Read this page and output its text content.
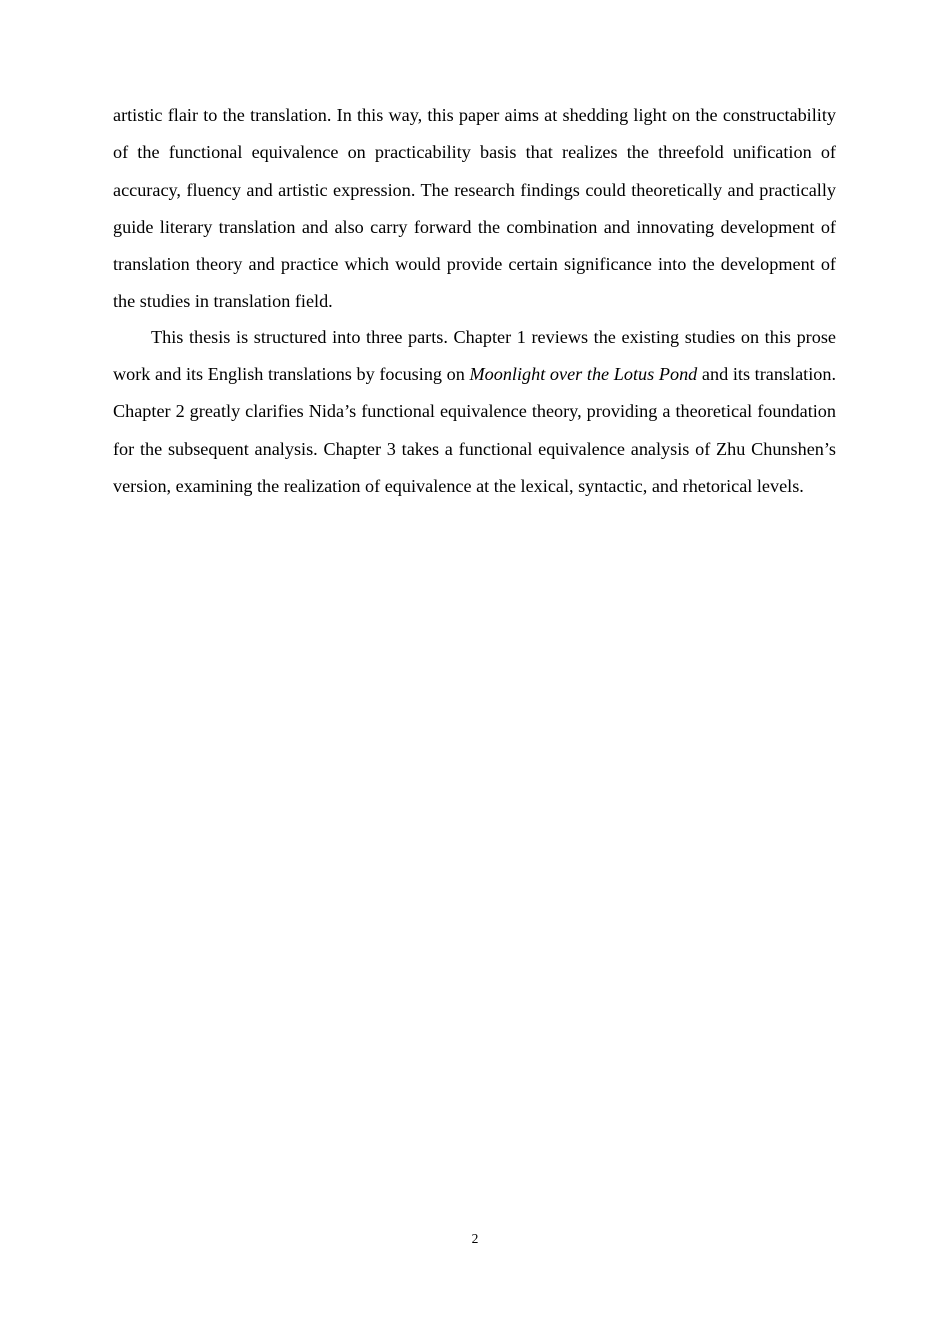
artistic flair to the translation. In this way, this paper aims at shedding light on the constructability of the functional equivalence on practicability basis that realizes the threefold unification of accuracy, fluency and artistic expression. The research findings could theoretically and practically guide literary translation and also carry forward the combination and innovating development of translation theory and practice which would provide certain significance into the development of the studies in translation field.

This thesis is structured into three parts. Chapter 1 reviews the existing studies on this prose work and its English translations by focusing on Moonlight over the Lotus Pond and its translation. Chapter 2 greatly clarifies Nida’s functional equivalence theory, providing a theoretical foundation for the subsequent analysis. Chapter 3 takes a functional equivalence analysis of Zhu Chunshen’s version, examining the realization of equivalence at the lexical, syntactic, and rhetorical levels.

2
